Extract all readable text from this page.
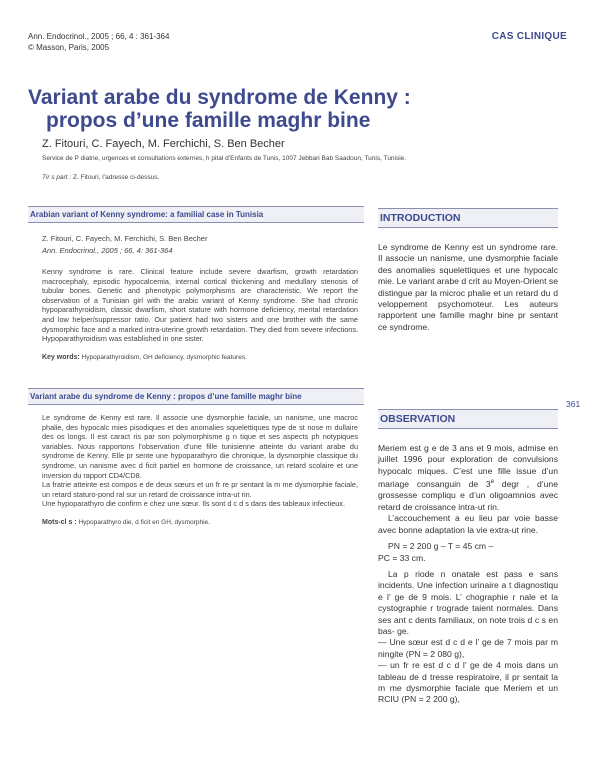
Ann. Endocrinol., 2005 ; 66, 4 : 361-364
© Masson, Paris, 2005
CAS CLINIQUE
Variant arabe du syndrome de Kenny :
propos d’une famille maghr bine
Z. Fitouri, C. Fayech, M. Ferchichi, S. Ben Becher
Service de P diatrie, urgences et consultations externes, h pital d’Enfants de Tunis, 1007 Jebbari Bab Saadoun, Tunis, Tunisie.
Tir s part : Z. Fitouri, l’adresse ci-dessus.
Arabian variant of Kenny syndrome: a familial case in Tunisia
Z. Fitouri, C. Fayech, M. Ferchichi, S. Ben Becher
Ann. Endocrinol., 2005 ; 66, 4: 361-364
Kenny syndrome is rare. Clinical feature include severe dwarfism, growth retardation macrocephaly, episodic hypocalcemia, internal cortical thickening and medullary stenosis of tubular bones. Genetic and phenotypic polymorphisms are characteristic. We report the observation of a Tunisian girl with the arabic variant of Kenny syndrome. She had chronic hypoparathyroidism, classic dwarfism, short stature with hormone deficiency, mental retardation and low helper/suppressor ratio. Our patient had two sisters and one brother with the same dysmorphic face and a marked intra-uterine growth retardation. They died from severe infections. Hypoparathyroidism was established in one sister.
Key words: Hypoparathyroidism, GH deficiency, dysmorphic features.
Variant arabe du syndrome de Kenny : propos d’une famille maghr bine

Le syndrome de Kenny est rare. Il associe une dysmorphie faciale, un nanisme, une macroc phalie, des hypocalc mies pisodiques et des anomalies squelettiques type de st nose m dullaire des os longs. Il est caract ris par son polymorphisme g n tique et ses aspects ph notypiques variables. Nous rapportons l’observation d’une fille tunisienne atteinte du variant arabe du syndrome de Kenny. Elle pr sente une hypoparathyro die chronique, la dysmorphie classique du syndrome, un nanisme avec d ficit partiel en hormone de croissance, un retard scolaire et une inversion du rapport CD4/CD8.

La fratrie atteinte est compos e de deux sœurs et un fr re pr sentant la m me dysmorphie faciale, un retard staturo-pond ral sur un retard de croissance intra-ut rin.

Une hypoparathyro die confirm e chez une sœur. Ils sont d c d s dans des tableaux infectieux.

Mots-cl s : Hypoparathyro die, d ficit en GH, dysmorphie.
INTRODUCTION
Le syndrome de Kenny est un syndrome rare. Il associe un nanisme, une dysmorphie faciale des anomalies squelettiques et une hypocalc mie. Le variant arabe d crit au Moyen-Orient se distingue par la microc phalie et un retard du d veloppement psychomoteur. Les auteurs rapportent une famille maghr bine pr sentant ce syndrome.
OBSERVATION

Meriem est g e de 3 ans et 9 mois, admise en juillet 1996 pour exploration de convulsions hypocalc miques. C’est une fille issue d’un mariage consanguin de 3e degr , d’une grossesse compliqu e d’un oligoamnios avec retard de croissance intra-ut rin.

L’accouchement a eu lieu par voie basse avec bonne adaptation la vie extra-ut rine.

PN = 2 200 g – T = 45 cm –

PC = 33 cm.

La p riode n onatale est pass e sans incidents. Une infection urinaire a t diagnostiqu e l’ ge de 9 mois. L’ chographie r nale et la cystographie r trograde taient normales. Dans ses ant c dents familiaux, on note trois d c s en bas- ge.

— Une sœur est d c d e l’ ge de 7 mois par m ningite (PN = 2 080 g),

— un fr re est d c d l’ ge de 4 mois dans un tableau de d tresse respiratoire, il pr sentait la m me dysmorphie faciale que Meriem et un RCIU (PN = 2 200 g),

361
